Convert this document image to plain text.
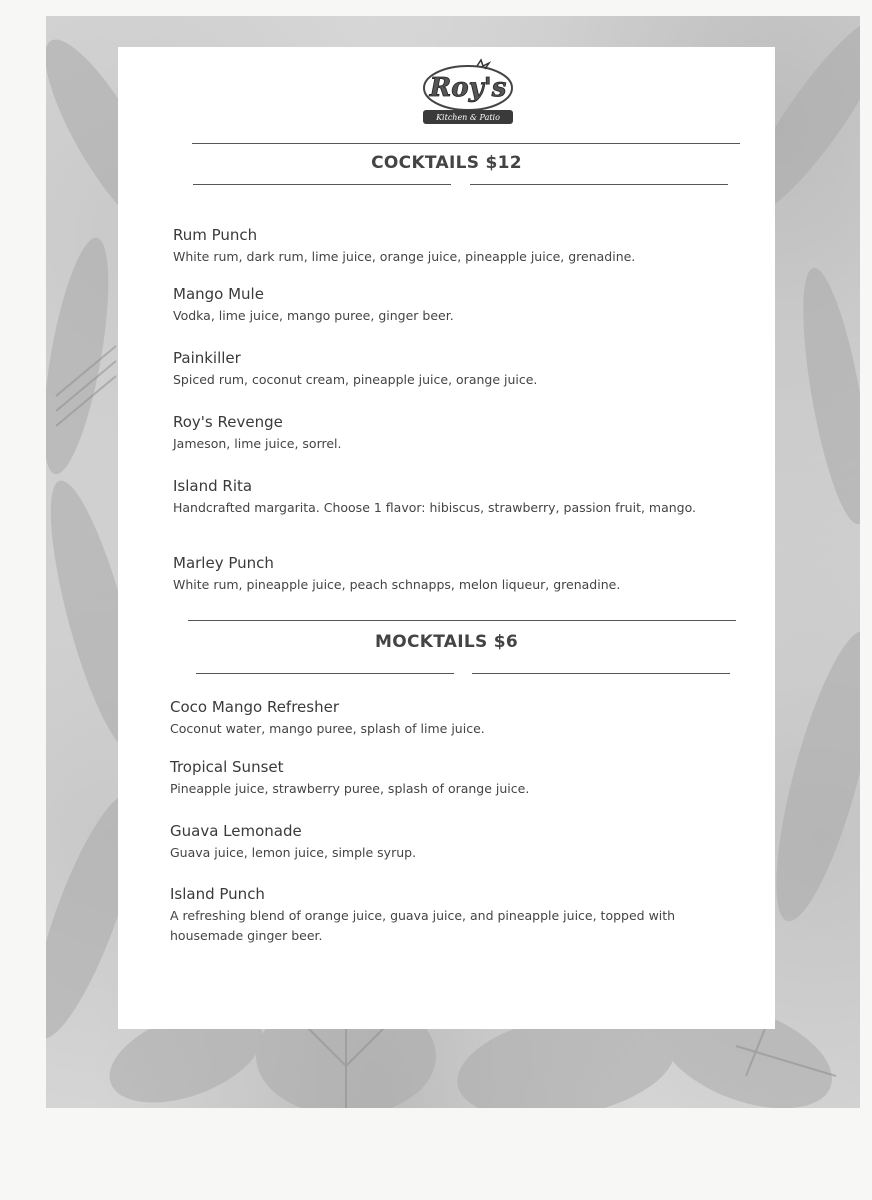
Roy's
Kitchen & Patio
COCKTAILS $12
Rum Punch
White rum, dark rum, lime juice, orange juice, pineapple juice, grenadine.
Mango Mule
Vodka, lime juice, mango puree, ginger beer.
Painkiller
Spiced rum, coconut cream, pineapple juice, orange juice.
Roy's Revenge
Jameson, lime juice, sorrel.
Island Rita
Handcrafted margarita. Choose 1 flavor: hibiscus, strawberry, passion fruit, mango.
Marley Punch
White rum, pineapple juice, peach schnapps, melon liqueur, grenadine.
MOCKTAILS $6
Coco Mango Refresher
Coconut water, mango puree, splash of lime juice.
Tropical Sunset
Pineapple juice, strawberry puree, splash of orange juice.
Guava Lemonade
Guava juice, lemon juice, simple syrup.
Island Punch
A refreshing blend of orange juice, guava juice, and pineapple juice, topped with housemade ginger beer.
